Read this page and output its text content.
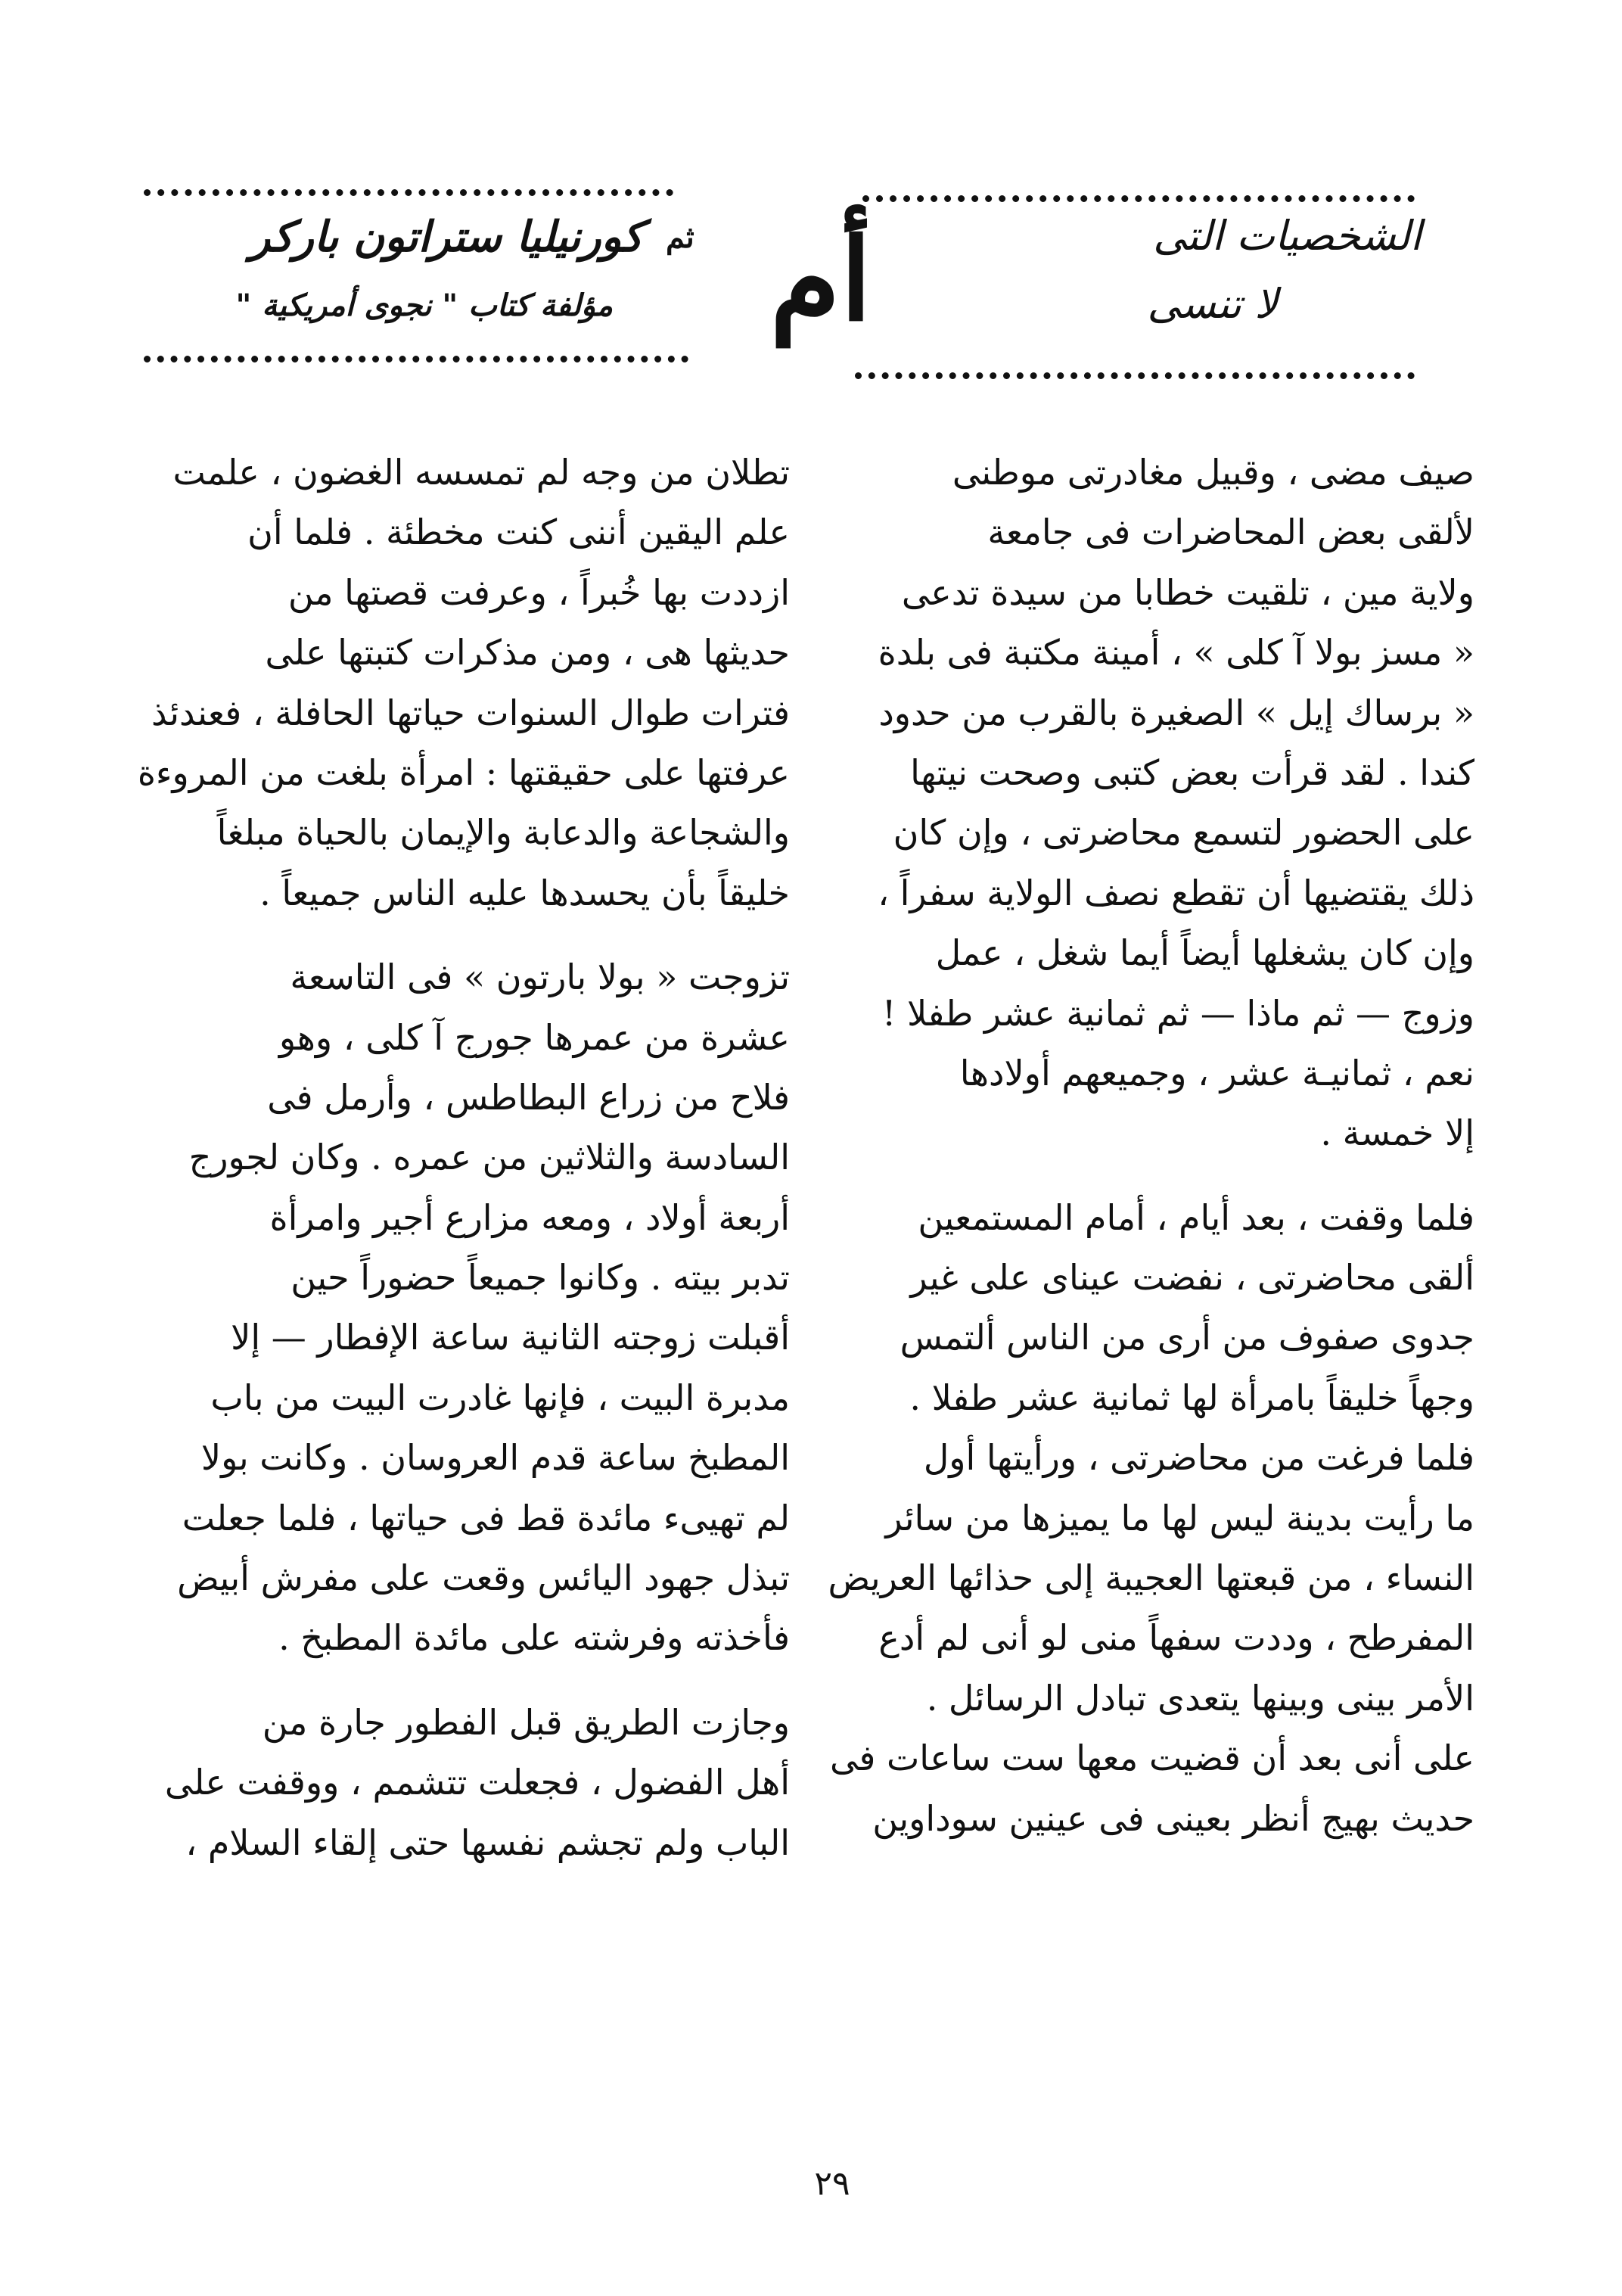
الشخصيات التى
لا تنسى
أم
ثم
كورنيليا ستراتون باركر
مؤلفة كتاب " نجوى أمريكية "
صيف مضى ، وقبيل مغادرتى موطنى
لألقى بعض المحاضرات فى جامعة
ولاية مين ، تلقيت خطابا من سيدة تدعى
« مسز بولا آ كلى » ، أمينة مكتبة فى بلدة
« برساك إيل » الصغيرة بالقرب من حدود
كندا . لقد قرأت بعض كتبى وصحت نيتها
على الحضور لتسمع محاضرتى ، وإن كان
ذلك يقتضيها أن تقطع نصف الولاية سفراً ،
وإن كان يشغلها أيضاً أيما شغل ، عمل
وزوج — ثم ماذا — ثم ثمانية عشر طفلا !
نعم ، ثمانيـة عشر ، وجميعهم أولادها
إلا خمسة .
فلما وقفت ، بعد أيام ، أمام المستمعين
ألقى محاضرتى ، نفضت عيناى على غير
جدوى صفوف من أرى من الناس ألتمس
وجهاً خليقاً بامرأة لها ثمانية عشر طفلا .
فلما فرغت من محاضرتى ، ورأيتها أول
ما رأيت بدينة ليس لها ما يميزها من سائر
النساء ، من قبعتها العجيبة إلى حذائها العريض
المفرطح ، وددت سفهاً منى لو أنى لم أدع
الأمر بينى وبينها يتعدى تبادل الرسائل .
على أنى بعد أن قضيت معها ست ساعات فى
حديث بهيج أنظر بعينى فى عينين سوداوين
تطلان من وجه لم تمسسه الغضون ، علمت
علم اليقين أننى كنت مخطئة . فلما أن
ازددت بها خُبراً ، وعرفت قصتها من
حديثها هى ، ومن مذكرات كتبتها على
فترات طوال السنوات حياتها الحافلة ، فعندئذ
عرفتها على حقيقتها : امرأة بلغت من المروءة
والشجاعة والدعابة والإيمان بالحياة مبلغاً
خليقاً بأن يحسدها عليه الناس جميعاً .
تزوجت « بولا بارتون » فى التاسعة
عشرة من عمرها جورج آ كلى ، وهو
فلاح من زراع البطاطس ، وأرمل فى
السادسة والثلاثين من عمره . وكان لجورج
أربعة أولاد ، ومعه مزارع أجير وامرأة
تدبر بيته . وكانوا جميعاً حضوراً حين
أقبلت زوجته الثانية ساعة الإفطار — إلا
مدبرة البيت ، فإنها غادرت البيت من باب
المطبخ ساعة قدم العروسان . وكانت بولا
لم تهيىء مائدة قط فى حياتها ، فلما جعلت
تبذل جهود اليائس وقعت على مفرش أبيض
فأخذته وفرشته على مائدة المطبخ .
وجازت الطريق قبل الفطور جارة من
أهل الفضول ، فجعلت تتشمم ، ووقفت على
الباب ولم تجشم نفسها حتى إلقاء السلام ،
٢٩
